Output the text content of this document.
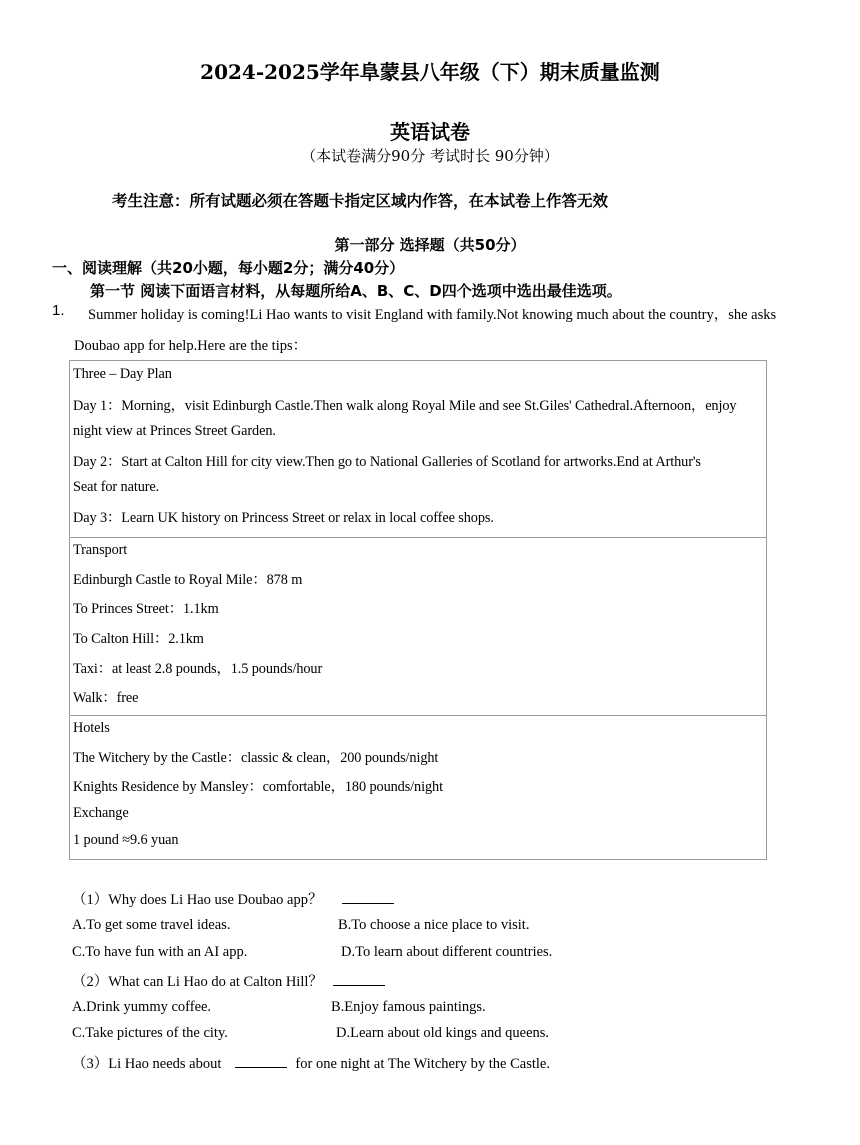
2024-2025学年阜蒙县八年级（下）期末质量监测
英语试卷
（本试卷满分90分 考试时长 90分钟）
考生注意：所有试题必须在答题卡指定区域内作答，在本试卷上作答无效
第一部分 选择题（共50分）
一、阅读理解（共20小题，每小题2分；满分40分）
第一节 阅读下面语言材料，从每题所给A、B、C、D四个选项中选出最佳选项。
1. Summer holiday is coming!Li Hao wants to visit England with family.Not knowing much about the country，she asks
Doubao app for help.Here are the tips：
Three – Day Plan
Day 1：Morning，visit Edinburgh Castle.Then walk along Royal Mile and see St.Giles' Cathedral.Afternoon，enjoy
night view at Princes Street Garden.
Day 2：Start at Calton Hill for city view.Then go to National Galleries of Scotland for artworks.End at Arthur's
Seat for nature.
Day 3：Learn UK history on Princess Street or relax in local coffee shops.
Transport
Edinburgh Castle to Royal Mile：878 m
To Princes Street：1.1km
To Calton Hill：2.1km
Taxi：at least 2.8 pounds，1.5 pounds/hour
Walk：free
Hotels
The Witchery by the Castle：classic & clean，200 pounds/night
Knights Residence by Mansley：comfortable，180 pounds/night
Exchange
1 pound ≈9.6 yuan
（1）Why does Li Hao use Doubao app？
A.To get some travel ideas.	B.To choose a nice place to visit.
C.To have fun with an AI app.	D.To learn about different countries.
（2）What can Li Hao do at Calton Hill？
A.Drink yummy coffee.	B.Enjoy famous paintings.
C.Take pictures of the city.	D.Learn about old kings and queens.
（3）Li Hao needs about	for one night at The Witchery by the Castle.
